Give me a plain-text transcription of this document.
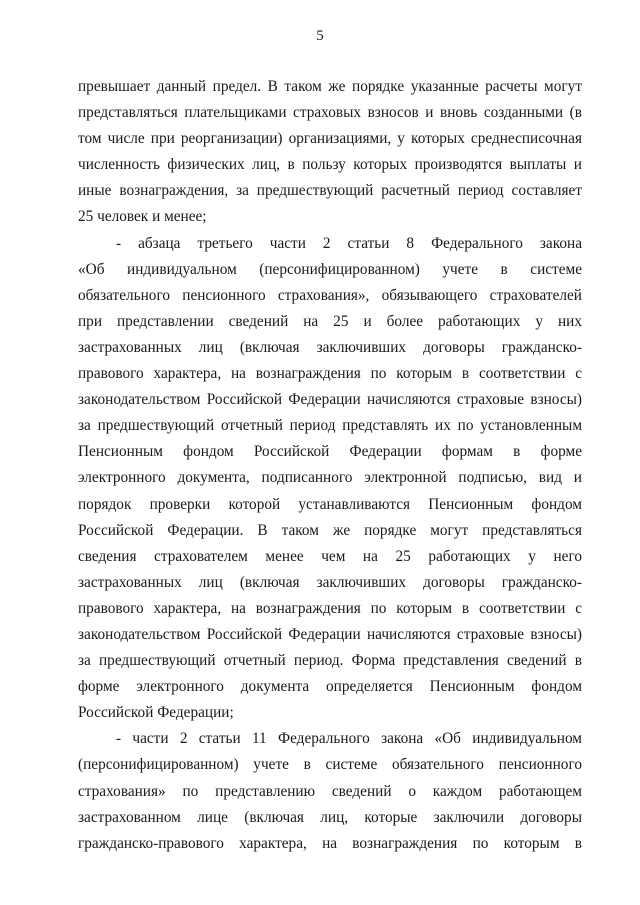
5
превышает данный предел. В таком же порядке указанные расчеты могут
представляться плательщиками страховых взносов и вновь созданными (в
том числе при реорганизации) организациями, у которых среднесписочная
численность физических лиц, в пользу которых производятся выплаты и
иные вознаграждения, за предшествующий расчетный период составляет
25 человек и менее;
- абзаца третьего части 2 статьи 8 Федерального закона
«Об индивидуальном (персонифицированном) учете в системе
обязательного пенсионного страхования», обязывающего страхователей
при представлении сведений на 25 и более работающих у них
застрахованных лиц (включая заключивших договоры гражданско-
правового характера, на вознаграждения по которым в соответствии с
законодательством Российской Федерации начисляются страховые взносы)
за предшествующий отчетный период представлять их по установленным
Пенсионным фондом Российской Федерации формам в форме
электронного документа, подписанного электронной подписью, вид и
порядок проверки которой устанавливаются Пенсионным фондом
Российской Федерации. В таком же порядке могут представляться
сведения страхователем менее чем на 25 работающих у него
застрахованных лиц (включая заключивших договоры гражданско-
правового характера, на вознаграждения по которым в соответствии с
законодательством Российской Федерации начисляются страховые взносы)
за предшествующий отчетный период. Форма представления сведений в
форме электронного документа определяется Пенсионным фондом
Российской Федерации;
- части 2 статьи 11 Федерального закона «Об индивидуальном
(персонифицированном) учете в системе обязательного пенсионного
страхования» по представлению сведений о каждом работающем
застрахованном лице (включая лиц, которые заключили договоры
гражданско-правового характера, на вознаграждения по которым в
